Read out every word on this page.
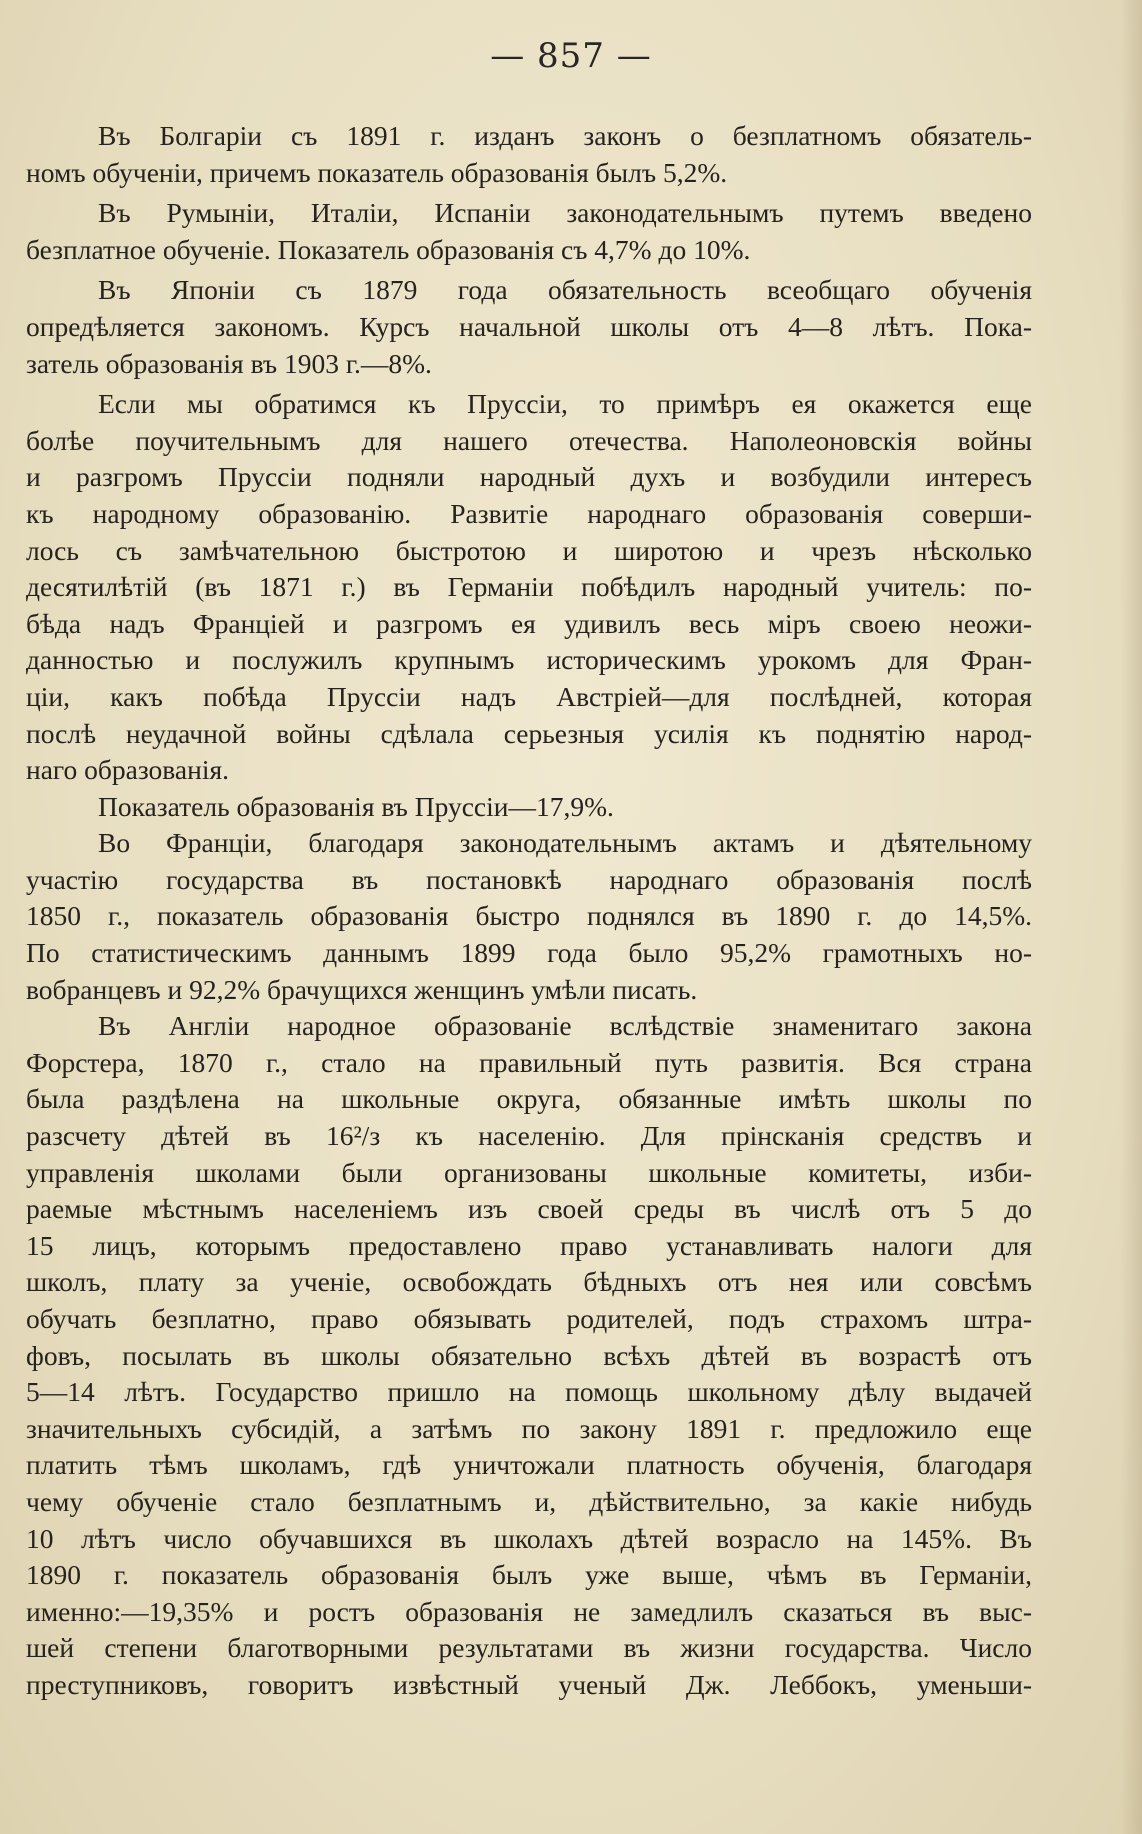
— 857 —

Въ Болгаріи съ 1891 г. изданъ законъ о безплатномъ обязатель-
номъ обученіи, причемъ показатель образованія былъ 5,2%.

Въ Румыніи, Италіи, Испаніи законодательнымъ путемъ введено
безплатное обученіе. Показатель образованія съ 4,7% до 10%.

Въ Японіи съ 1879 года обязательность всеобщаго обученія
опредѣляется закономъ. Курсъ начальной школы отъ 4—8 лѣтъ. Пока-
затель образованія въ 1903 г.—8%.

Если мы обратимся къ Пруссіи, то примѣръ ея окажется еще
болѣе поучительнымъ для нашего отечества. Наполеоновскія войны
и разгромъ Пруссіи подняли народный духъ и возбудили интересъ
къ народному образованію. Развитіе народнаго образованія соверши-
лось съ замѣчательною быстротою и широтою и чрезъ нѣсколько
десятилѣтій (въ 1871 г.) въ Германіи побѣдилъ народный учитель: по-
бѣда надъ Франціей и разгромъ ея удивилъ весь міръ своею неожи-
данностью и послужилъ крупнымъ историческимъ урокомъ для Фран-
ціи, какъ побѣда Пруссіи надъ Австріей—для послѣдней, которая
послѣ неудачной войны сдѣлала серьезныя усилія къ поднятію народ-
наго образованія.

Показатель образованія въ Пруссіи—17,9%.

Во Франціи, благодаря законодательнымъ актамъ и дѣятельному
участію государства въ постановкѣ народнаго образованія послѣ
1850 г., показатель образованія быстро поднялся въ 1890 г. до 14,5%.
По статистическимъ даннымъ 1899 года было 95,2% грамотныхъ но-
вобранцевъ и 92,2% брачущихся женщинъ умѣли писать.

Въ Англіи народное образованіе вслѣдствіе знаменитаго закона
Форстера, 1870 г., стало на правильный путь развитія. Вся страна
была раздѣлена на школьные округа, обязанные имѣть школы по
разсчету дѣтей въ 16²/з къ населенію. Для прінсканія средствъ и
управленія школами были организованы школьные комитеты, изби-
раемые мѣстнымъ населеніемъ изъ своей среды въ числѣ отъ 5 до
15 лицъ, которымъ предоставлено право устанавливать налоги для
школъ, плату за ученіе, освобождать бѣдныхъ отъ нея или совсѣмъ
обучать безплатно, право обязывать родителей, подъ страхомъ штра-
фовъ, посылать въ школы обязательно всѣхъ дѣтей въ возрастѣ отъ
5—14 лѣтъ. Государство пришло на помощь школьному дѣлу выдачей
значительныхъ субсидій, а затѣмъ по закону 1891 г. предложило еще
платить тѣмъ школамъ, гдѣ уничтожали платность обученія, благодаря
чему обученіе стало безплатнымъ и, дѣйствительно, за какіе нибудь
10 лѣтъ число обучавшихся въ школахъ дѣтей возрасло на 145%. Въ
1890 г. показатель образованія былъ уже выше, чѣмъ въ Германіи,
именно:—19,35% и ростъ образованія не замедлилъ сказаться въ выс-
шей степени благотворными результатами въ жизни государства. Число
преступниковъ, говоритъ извѣстный ученый Дж. Леббокъ, уменьши-
